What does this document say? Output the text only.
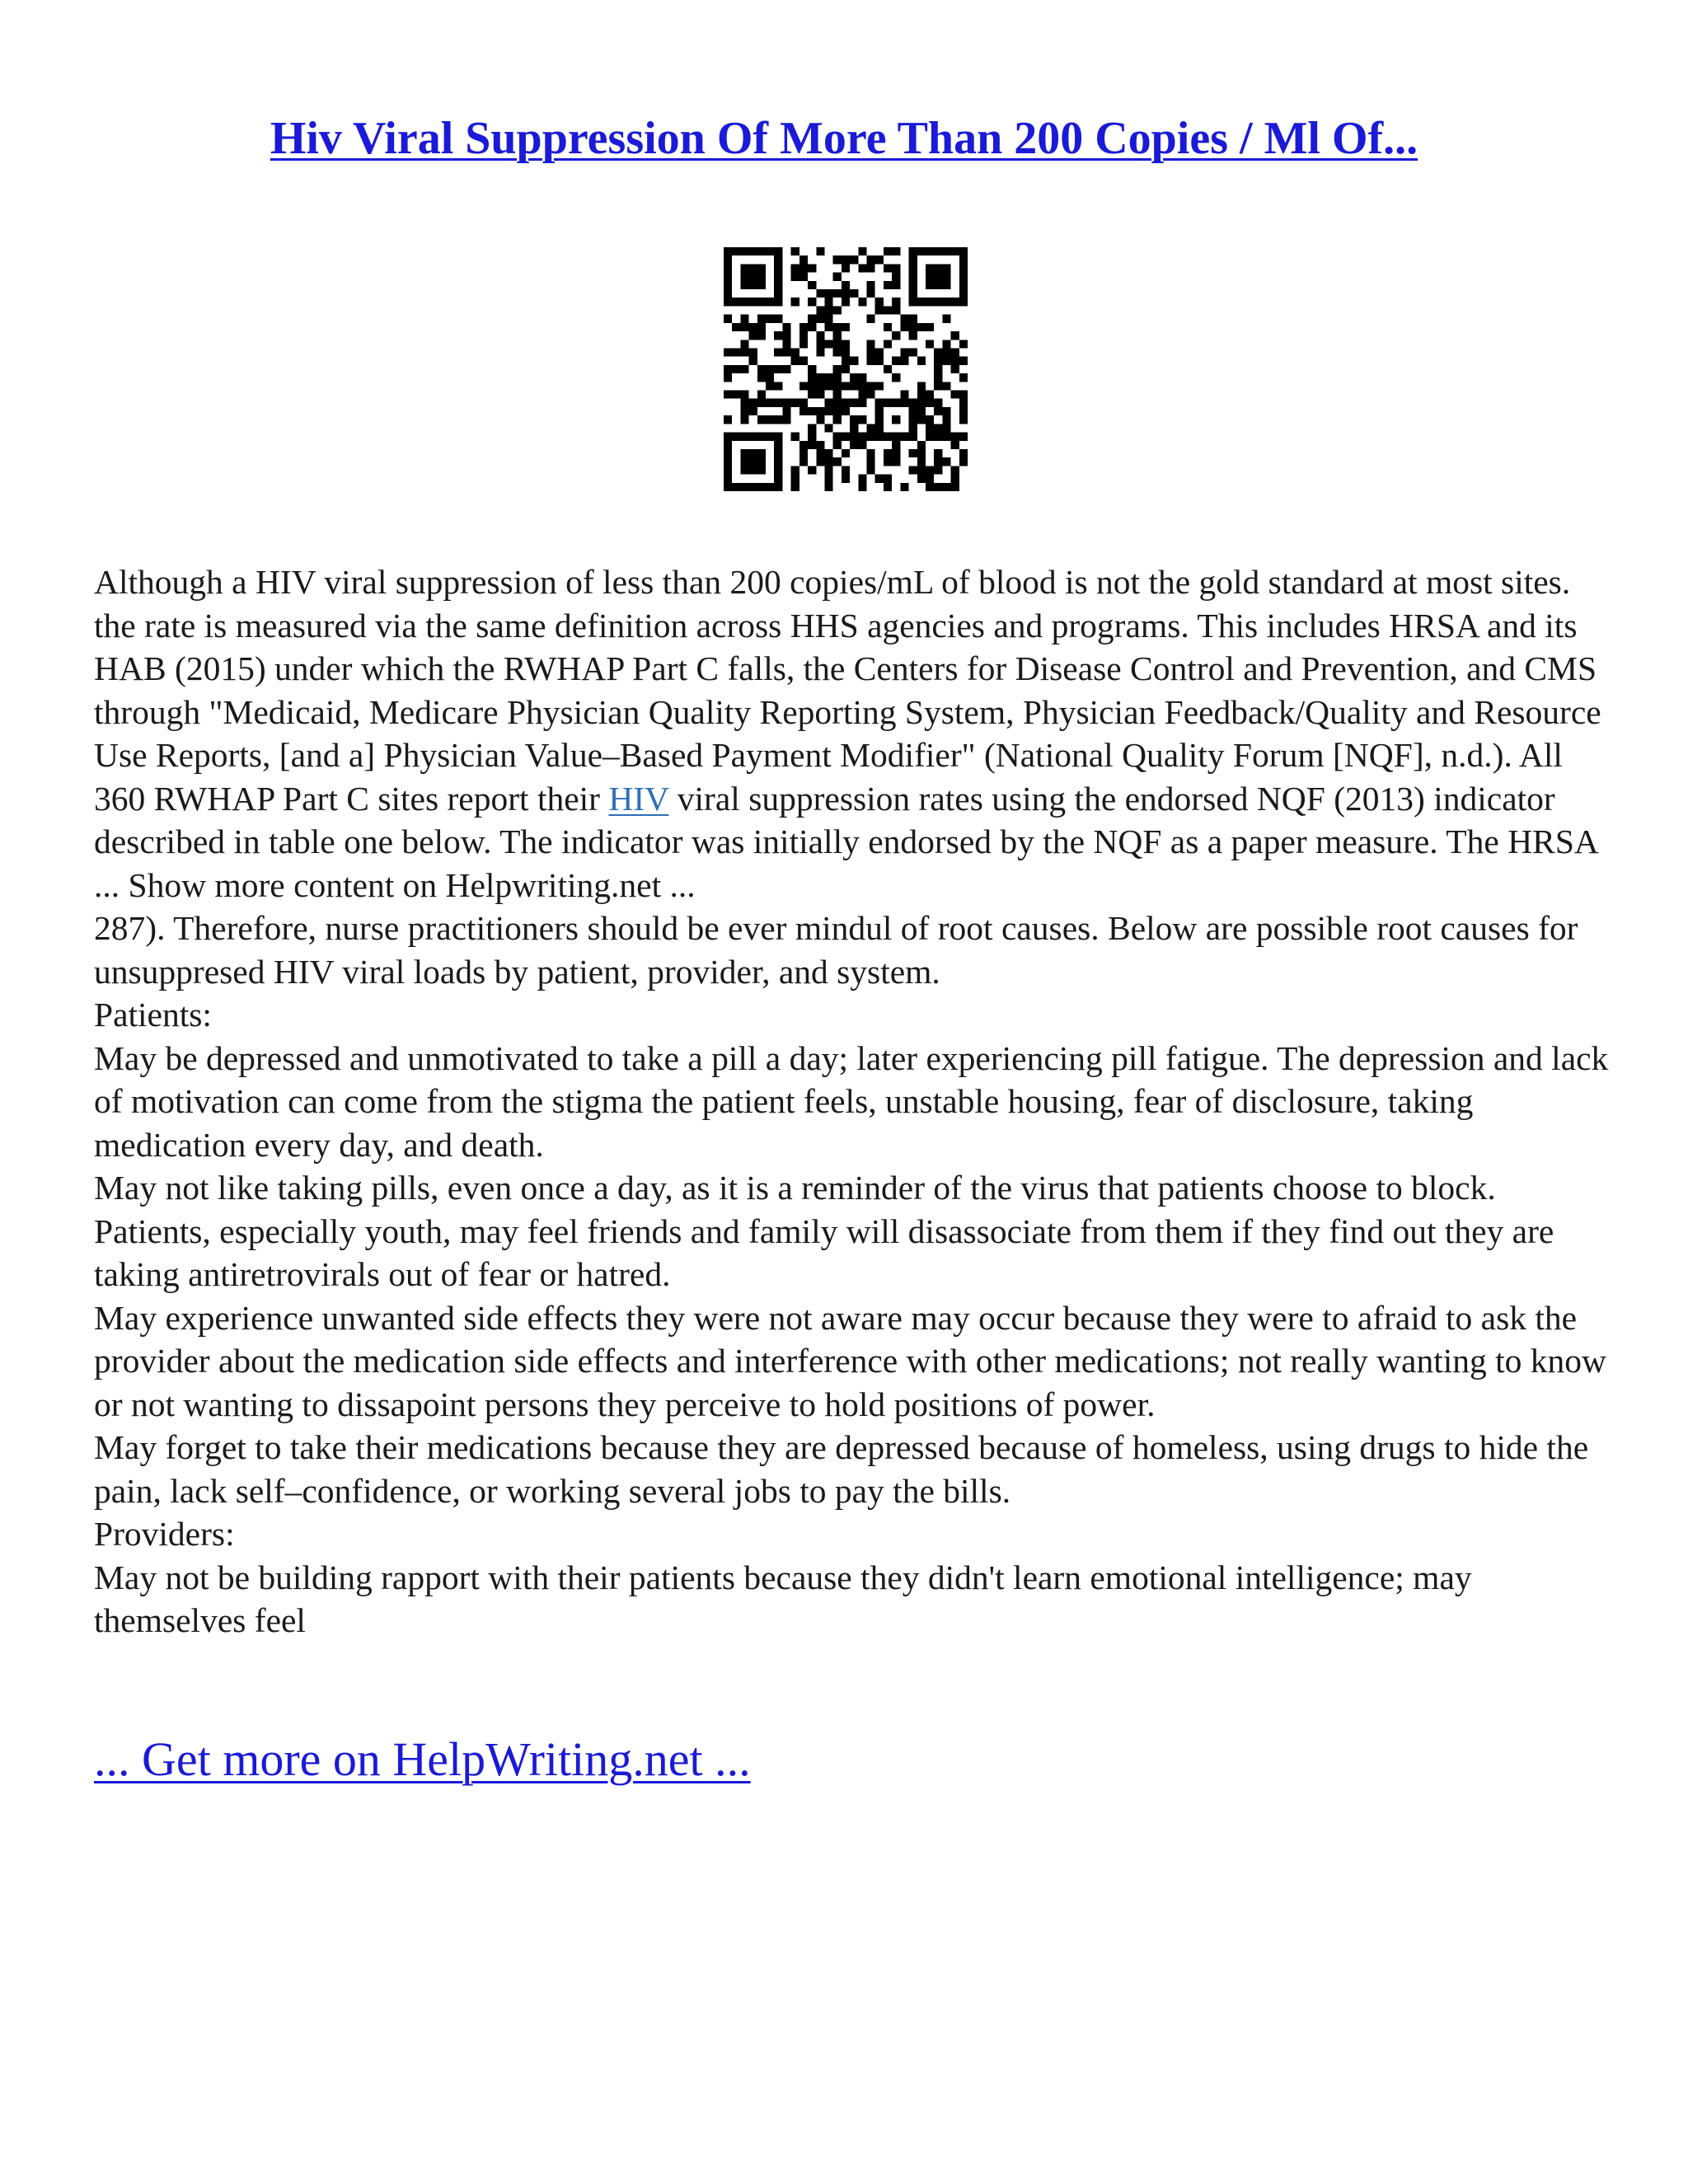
Hiv Viral Suppression Of More Than 200 Copies / Ml Of...

Although a HIV viral suppression of less than 200 copies/mL of blood is not the gold standard at most sites. the rate is measured via the same definition across HHS agencies and programs. This includes HRSA and its HAB (2015) under which the RWHAP Part C falls, the Centers for Disease Control and Prevention, and CMS through "Medicaid, Medicare Physician Quality Reporting System, Physician Feedback/Quality and Resource Use Reports, [and a] Physician Value–Based Payment Modifier" (National Quality Forum [NQF], n.d.). All 360 RWHAP Part C sites report their HIV viral suppression rates using the endorsed NQF (2013) indicator described in table one below. The indicator was initially endorsed by the NQF as a paper measure. The HRSA ... Show more content on Helpwriting.net ...

287). Therefore, nurse practitioners should be ever mindul of root causes. Below are possible root causes for unsuppresed HIV viral loads by patient, provider, and system.

Patients:

May be depressed and unmotivated to take a pill a day; later experiencing pill fatigue. The depression and lack of motivation can come from the stigma the patient feels, unstable housing, fear of disclosure, taking medication every day, and death.

May not like taking pills, even once a day, as it is a reminder of the virus that patients choose to block. Patients, especially youth, may feel friends and family will disassociate from them if they find out they are taking antiretrovirals out of fear or hatred.

May experience unwanted side effects they were not aware may occur because they were to afraid to ask the provider about the medication side effects and interference with other medications; not really wanting to know or not wanting to dissapoint persons they perceive to hold positions of power.

May forget to take their medications because they are depressed because of homeless, using drugs to hide the pain, lack self–confidence, or working several jobs to pay the bills.

Providers:

May not be building rapport with their patients because they didn't learn emotional intelligence; may themselves feel

... Get more on HelpWriting.net ...
